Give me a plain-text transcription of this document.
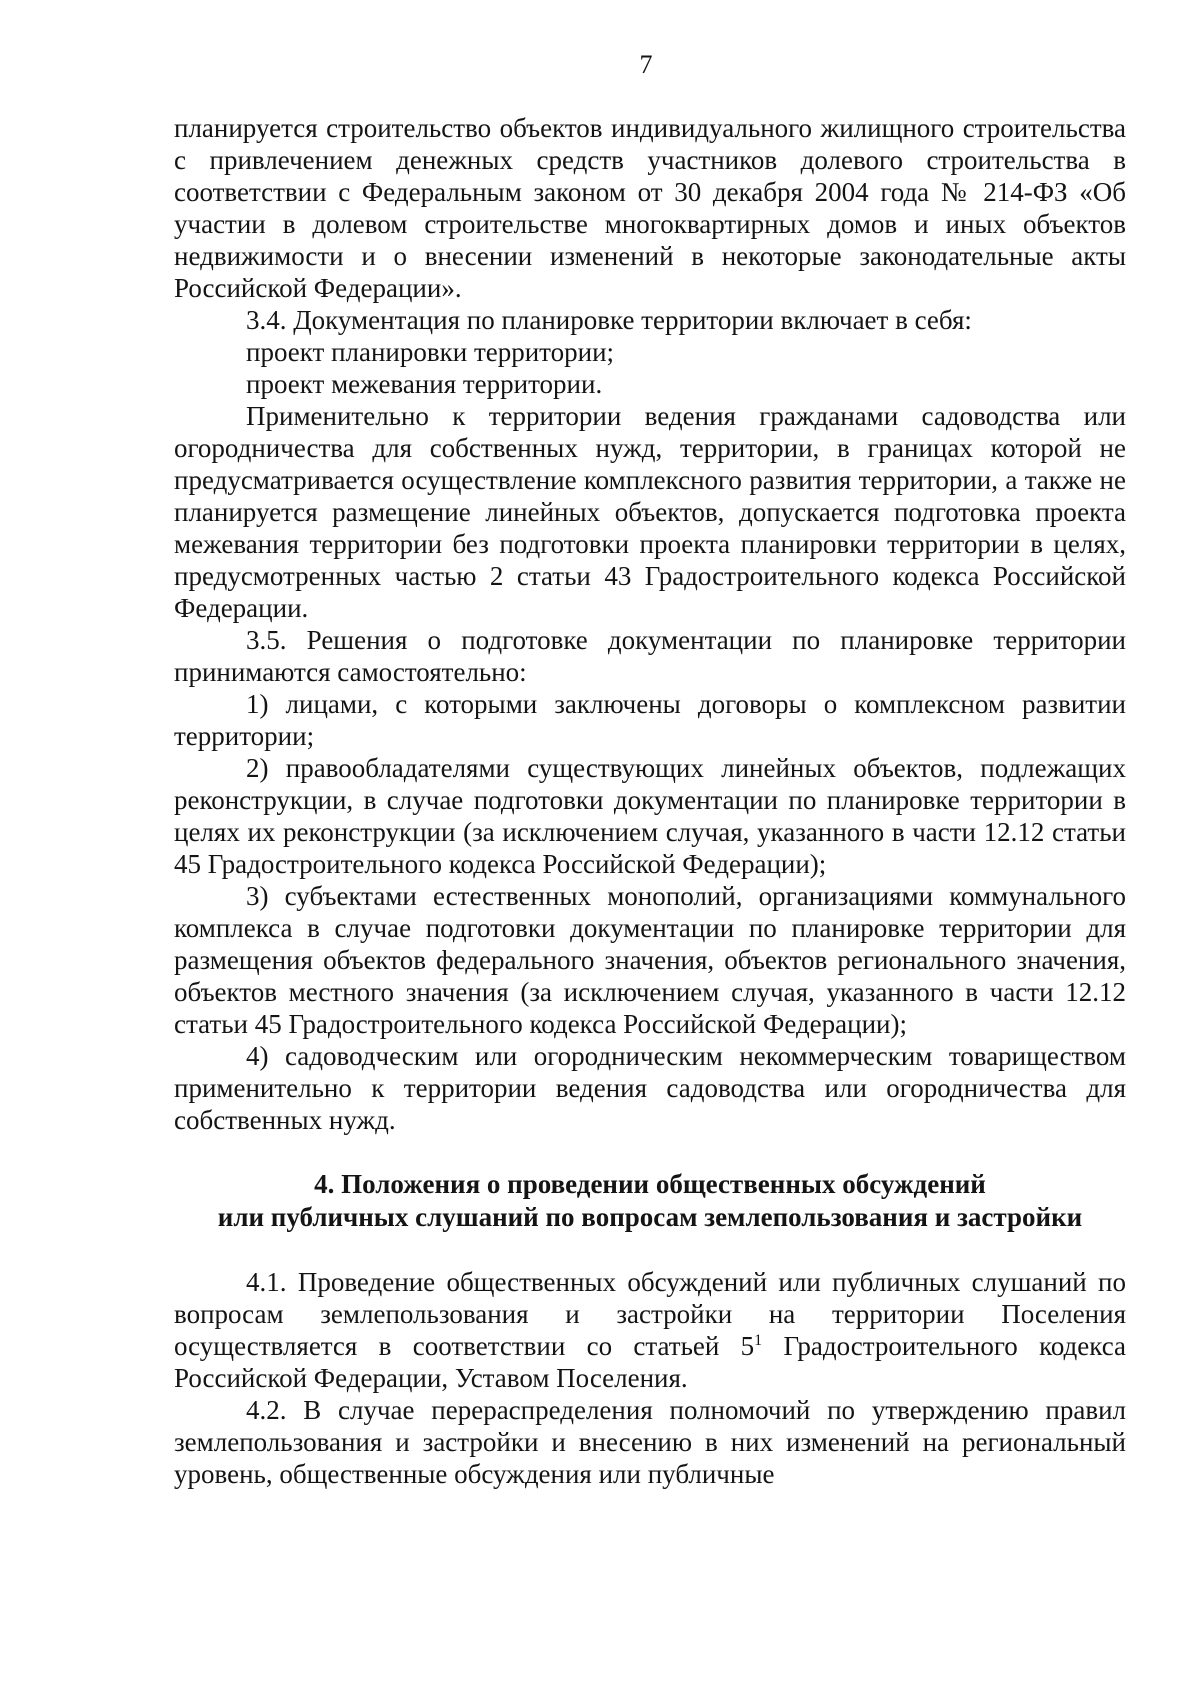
7

планируется строительство объектов индивидуального жилищного строительства с привлечением денежных средств участников долевого строительства в соответствии с Федеральным законом от 30 декабря 2004 года № 214-ФЗ «Об участии в долевом строительстве многоквартирных домов и иных объектов недвижимости и о внесении изменений в некоторые законодательные акты Российской Федерации».

3.4. Документация по планировке территории включает в себя:

проект планировки территории;

проект межевания территории.

Применительно к территории ведения гражданами садоводства или огородничества для собственных нужд, территории, в границах которой не предусматривается осуществление комплексного развития территории, а также не планируется размещение линейных объектов, допускается подготовка проекта межевания территории без подготовки проекта планировки территории в целях, предусмотренных частью 2 статьи 43 Градостроительного кодекса Российской Федерации.

3.5. Решения о подготовке документации по планировке территории принимаются самостоятельно:

1) лицами, с которыми заключены договоры о комплексном развитии территории;

2) правообладателями существующих линейных объектов, подлежащих реконструкции, в случае подготовки документации по планировке территории в целях их реконструкции (за исключением случая, указанного в части 12.12 статьи 45 Градостроительного кодекса Российской Федерации);

3) субъектами естественных монополий, организациями коммунального комплекса в случае подготовки документации по планировке территории для размещения объектов федерального значения, объектов регионального значения, объектов местного значения (за исключением случая, указанного в части 12.12 статьи 45 Градостроительного кодекса Российской Федерации);

4) садоводческим или огородническим некоммерческим товариществом применительно к территории ведения садоводства или огородничества для собственных нужд.

4. Положения о проведении общественных обсуждений
или публичных слушаний по вопросам землепользования и застройки

4.1. Проведение общественных обсуждений или публичных слушаний по вопросам землепользования и застройки на территории Поселения осуществляется в соответствии со статьей $5^1$ Градостроительного кодекса Российской Федерации, Уставом Поселения.

4.2. В случае перераспределения полномочий по утверждению правил землепользования и застройки и внесению в них изменений на региональный уровень, общественные обсуждения или публичные
